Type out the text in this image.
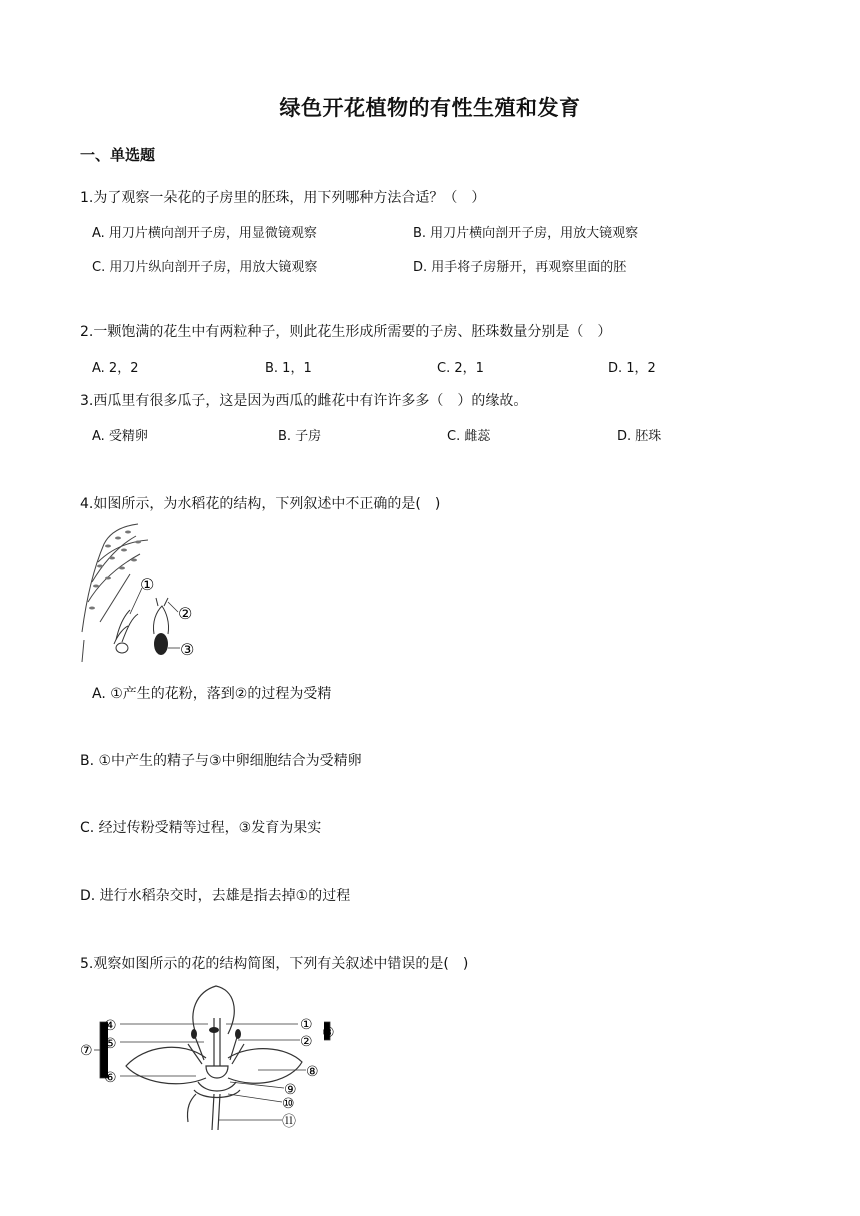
绿色开花植物的有性生殖和发育
一、单选题
1.为了观察一朵花的子房里的胚珠，用下列哪种方法合适？（　）
A. 用刀片横向剖开子房，用显微镜观察	B. 用刀片横向剖开子房，用放大镜观察
C. 用刀片纵向剖开子房，用放大镜观察	D. 用手将子房掰开，再观察里面的胚
2.一颗饱满的花生中有两粒种子，则此花生形成所需要的子房、胚珠数量分别是（　）
A. 2，2	B. 1，1	C. 2，1	D. 1，2
3.西瓜里有很多瓜子，这是因为西瓜的雌花中有许许多多（　）的缘故。
A. 受精卵	B. 子房	C. 雌蕊	D. 胚珠
4.如图所示，为水稻花的结构，下列叙述中不正确的是(　)
①
②
③
A. ①产生的花粉，落到②的过程为受精
B. ①中产生的精子与③中卵细胞结合为受精卵
C. 经过传粉受精等过程，③发育为果实
D. 进行水稻杂交时，去雄是指去掉①的过程
5.观察如图所示的花的结构简图，下列有关叙述中错误的是(　)
④
⑤
⑥
⑦
①
②
③
⑧
⑨
⑩
⑪
